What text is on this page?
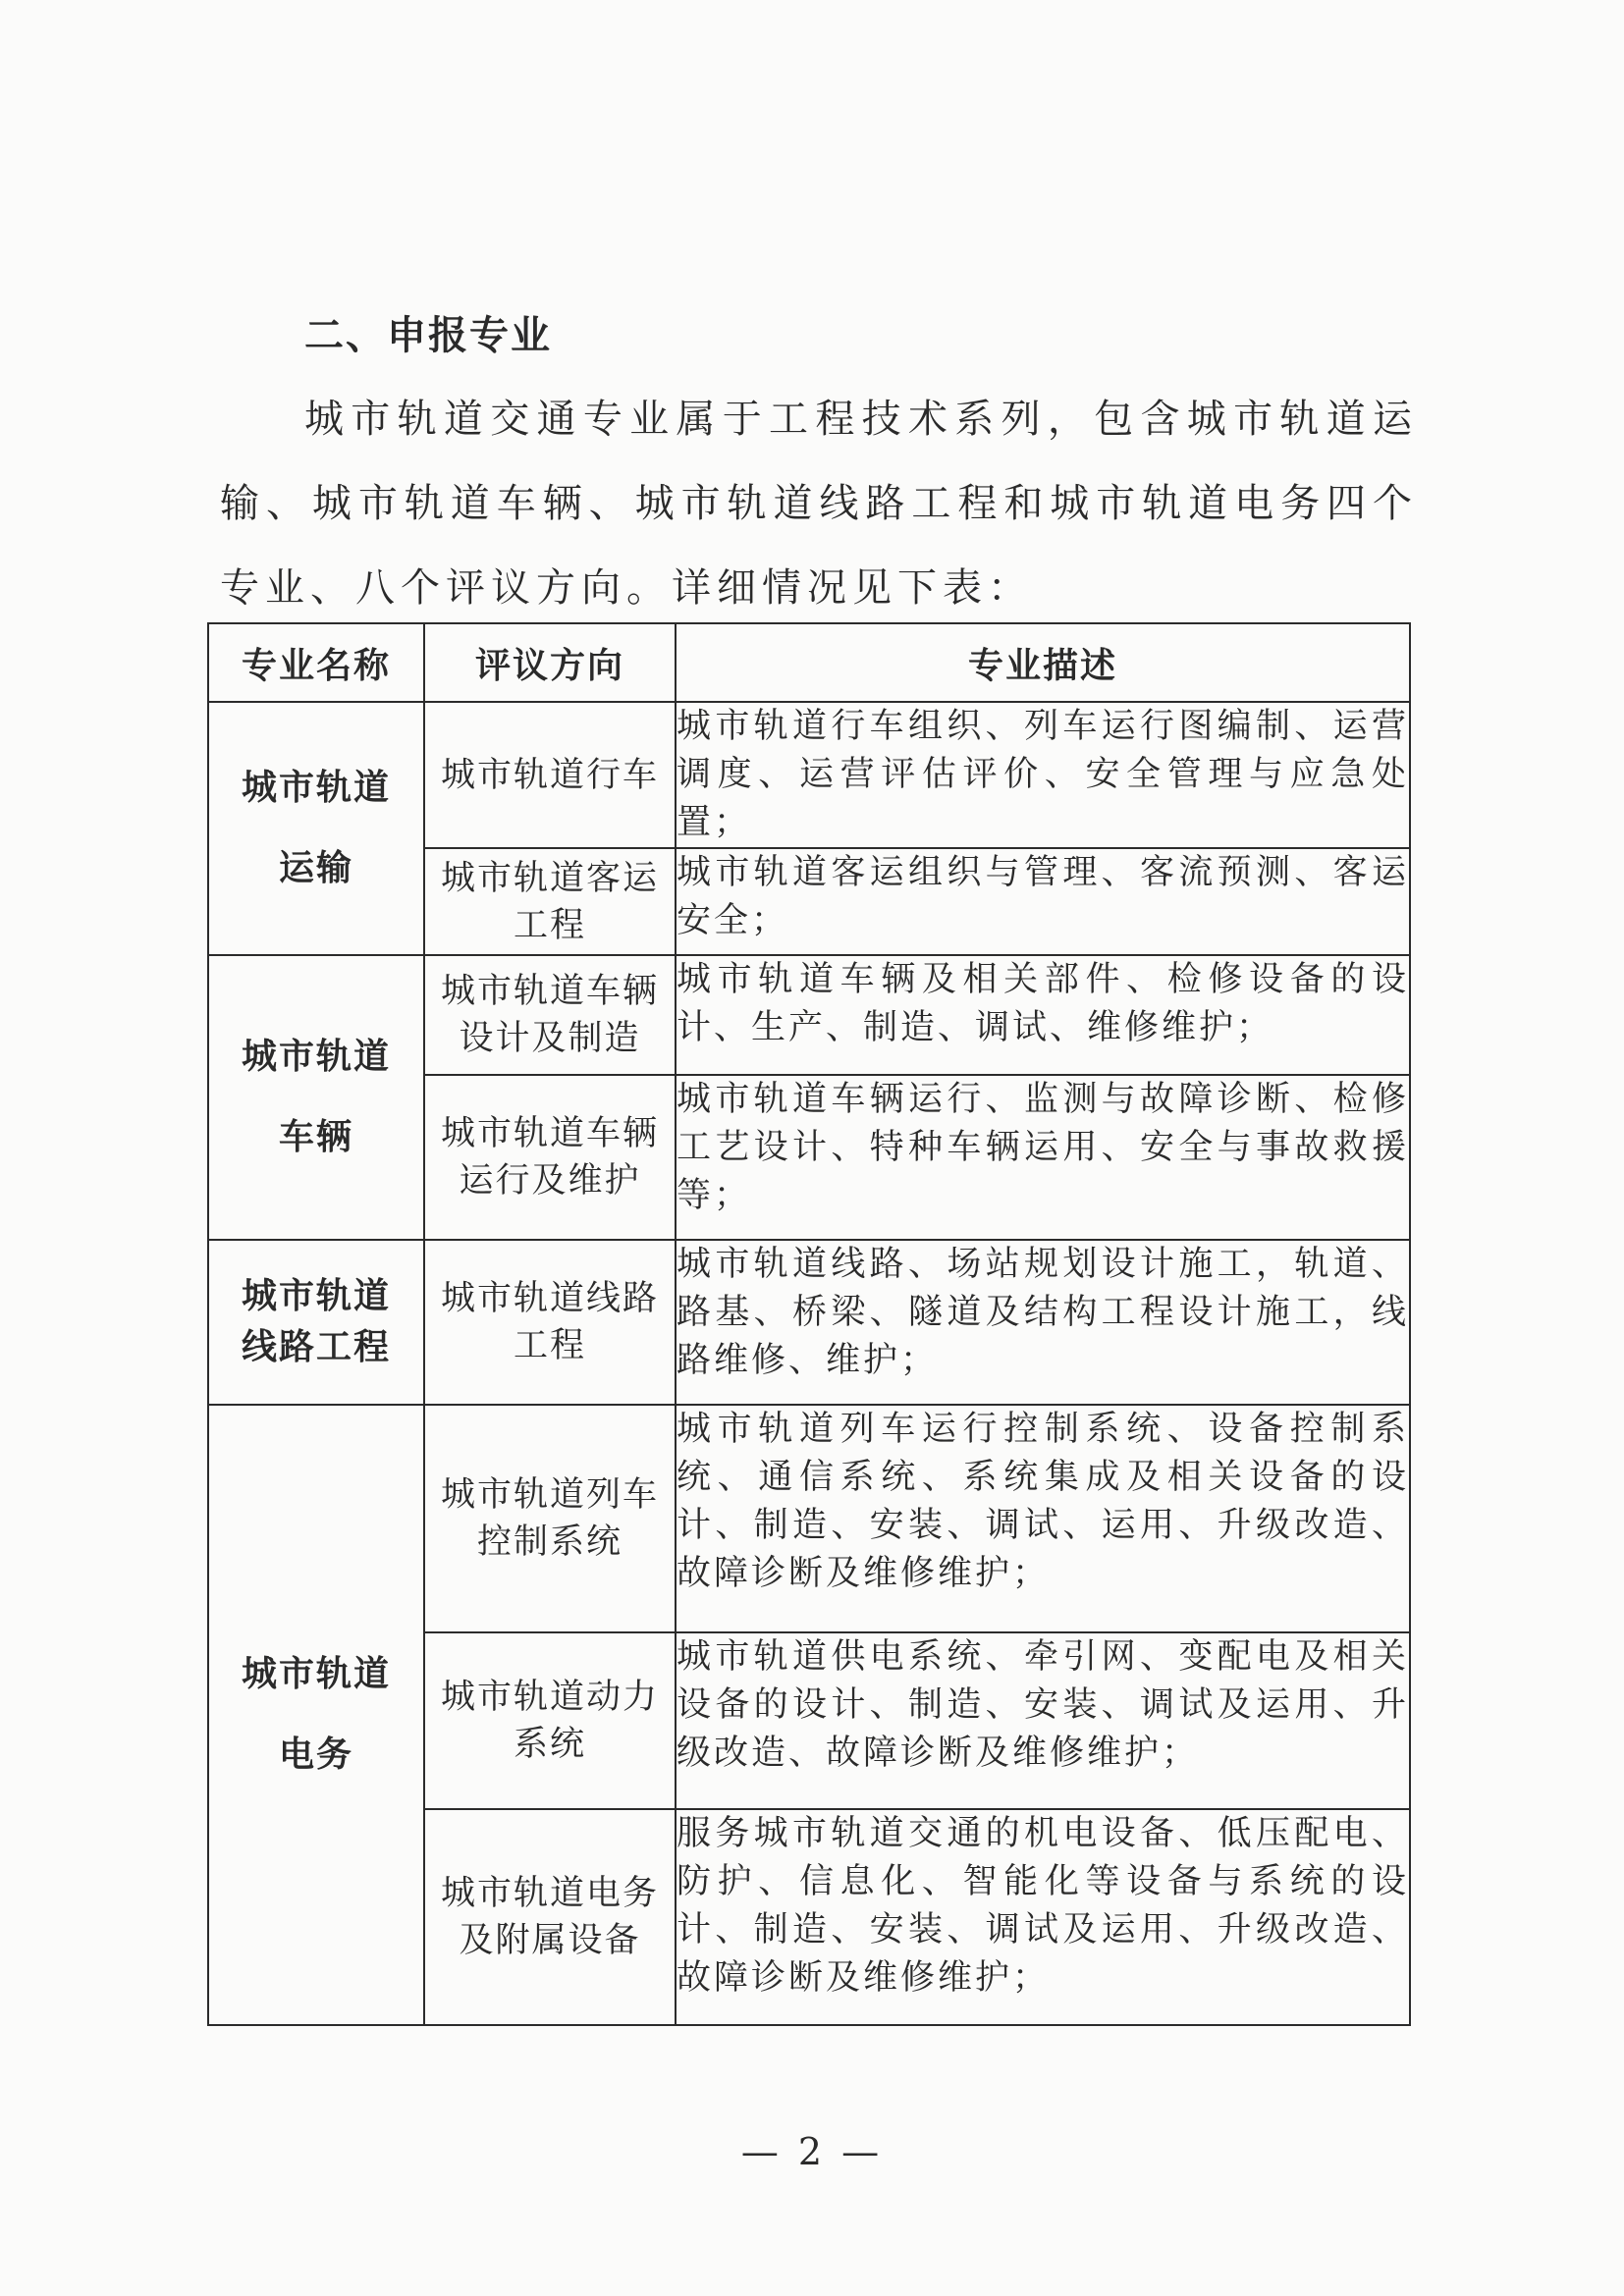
二、申报专业

城市轨道交通专业属于工程技术系列，包含城市轨道运输、城市轨道车辆、城市轨道线路工程和城市轨道电务四个专业、八个评议方向。详细情况见下表：

专业名称	评议方向	专业描述
城市轨道运输	城市轨道行车	城市轨道行车组织、列车运行图编制、运营调度、运营评估评价、安全管理与应急处置；
	城市轨道客运工程	城市轨道客运组织与管理、客流预测、客运安全；
城市轨道车辆	城市轨道车辆设计及制造	城市轨道车辆及相关部件、检修设备的设计、生产、制造、调试、维修维护；
	城市轨道车辆运行及维护	城市轨道车辆运行、监测与故障诊断、检修工艺设计、特种车辆运用、安全与事故救援等；
城市轨道线路工程	城市轨道线路工程	城市轨道线路、场站规划设计施工，轨道、路基、桥梁、隧道及结构工程设计施工，线路维修、维护；
城市轨道电务	城市轨道列车控制系统	城市轨道列车运行控制系统、设备控制系统、通信系统、系统集成及相关设备的设计、制造、安装、调试、运用、升级改造、故障诊断及维修维护；
	城市轨道动力系统	城市轨道供电系统、牵引网、变配电及相关设备的设计、制造、安装、调试及运用、升级改造、故障诊断及维修维护；
	城市轨道电务及附属设备	服务城市轨道交通的机电设备、低压配电、防护、信息化、智能化等设备与系统的设计、制造、安装、调试及运用、升级改造、故障诊断及维修维护；

— 2 —
